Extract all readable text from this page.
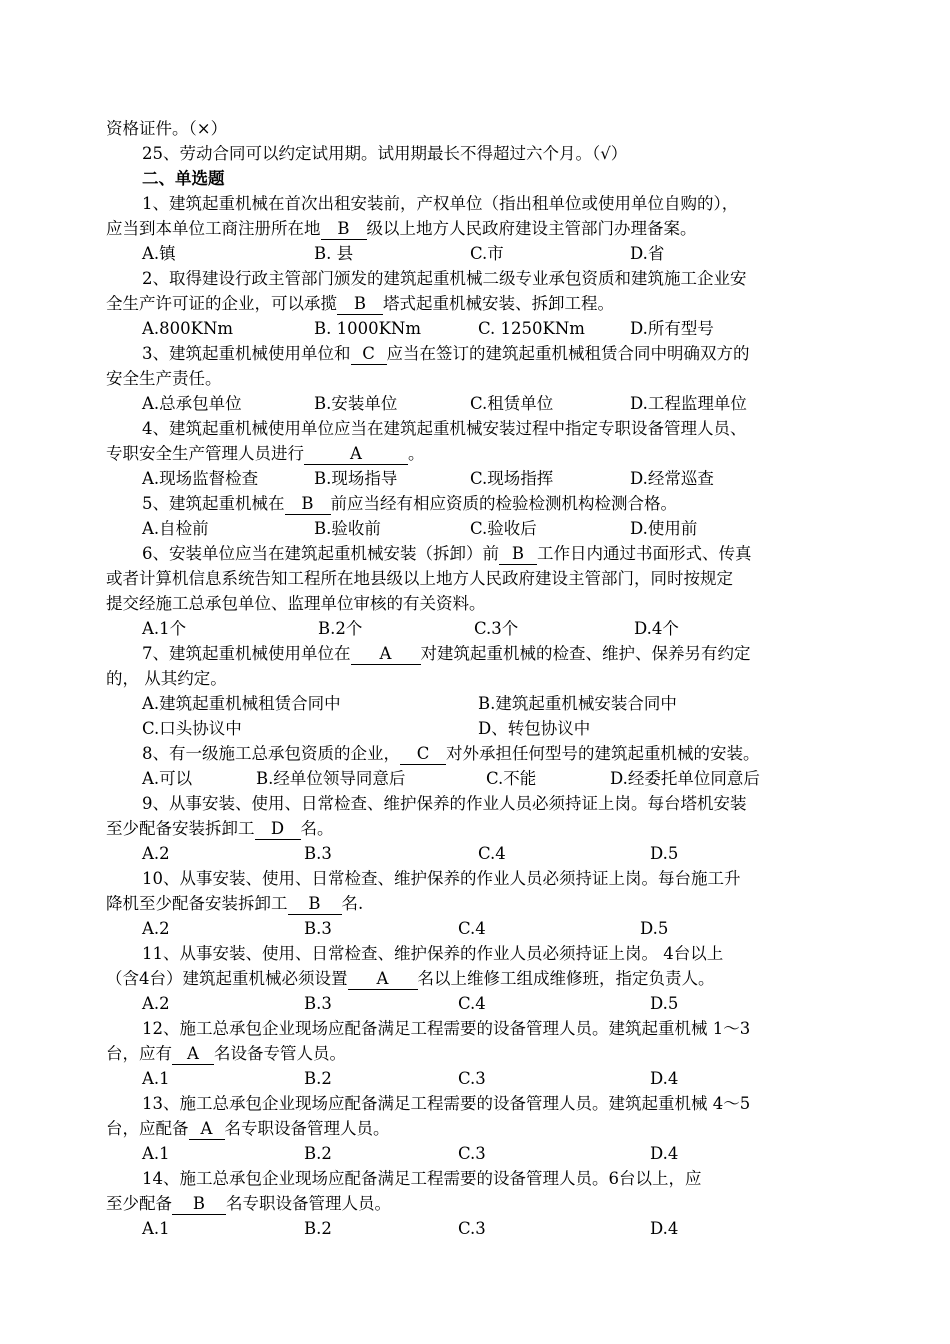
资格证件。（×）
25、劳动合同可以约定试用期。试用期最长不得超过六个月。（√）
二、单选题
1、建筑起重机械在首次出租安装前，产权单位（指出租单位或使用单位自购的），
应当到本单位工商注册所在地 B 级以上地方人民政府建设主管部门办理备案。
A.镇	B. 县	C.市	D.省
2、取得建设行政主管部门颁发的建筑起重机械二级专业承包资质和建筑施工企业安
全生产许可证的企业，可以承揽 B 塔式起重机械安装、拆卸工程。
A.800KNm	B. 1000KNm	C. 1250KNm	D.所有型号
3、建筑起重机械使用单位和 C 应当在签订的建筑起重机械租赁合同中明确双方的
安全生产责任。
A.总承包单位	B.安装单位	C.租赁单位	D.工程监理单位
4、建筑起重机械使用单位应当在建筑起重机械安装过程中指定专职设备管理人员、
专职安全生产管理人员进行	A	。
A.现场监督检查	B.现场指导	C.现场指挥	D.经常巡查
5、建筑起重机械在 B 前应当经有相应资质的检验检测机构检测合格。
A.自检前	B.验收前	C.验收后	D.使用前
6、安装单位应当在建筑起重机械安装（拆卸）前 B 工作日内通过书面形式、传真
或者计算机信息系统告知工程所在地县级以上地方人民政府建设主管部门，同时按规定
提交经施工总承包单位、监理单位审核的有关资料。
A.1个	B.2个	C.3个	D.4个
7、建筑起重机械使用单位在 A 对建筑起重机械的检查、维护、保养另有约定
的， 从其约定。
A.建筑起重机械租赁合同中	B.建筑起重机械安装合同中
C.口头协议中	D、转包协议中
8、有一级施工总承包资质的企业， C 对外承担任何型号的建筑起重机械的安装。
A.可以	B.经单位领导同意后	C.不能	D.经委托单位同意后
9、从事安装、使用、日常检查、维护保养的作业人员必须持证上岗。每台塔机安装
至少配备安装拆卸工 D 名。
A.2	B.3	C.4	D.5
10、从事安装、使用、日常检查、维护保养的作业人员必须持证上岗。每台施工升
降机至少配备安装拆卸工 B 名.
A.2	B.3	C.4	D.5
11、从事安装、使用、日常检查、维护保养的作业人员必须持证上岗。 4台以上
（含4台）建筑起重机械必须设置 A 名以上维修工组成维修班，指定负责人。
A.2	B.3	C.4	D.5
12、施工总承包企业现场应配备满足工程需要的设备管理人员。建筑起重机械 1～3
台，应有 A 名设备专管人员。
A.1	B.2	C.3	D.4
13、施工总承包企业现场应配备满足工程需要的设备管理人员。建筑起重机械 4～5
台，应配备 A 名专职设备管理人员。
A.1	B.2	C.3	D.4
14、施工总承包企业现场应配备满足工程需要的设备管理人员。6台以上，应
至少配备 B 名专职设备管理人员。
A.1	B.2	C.3	D.4
